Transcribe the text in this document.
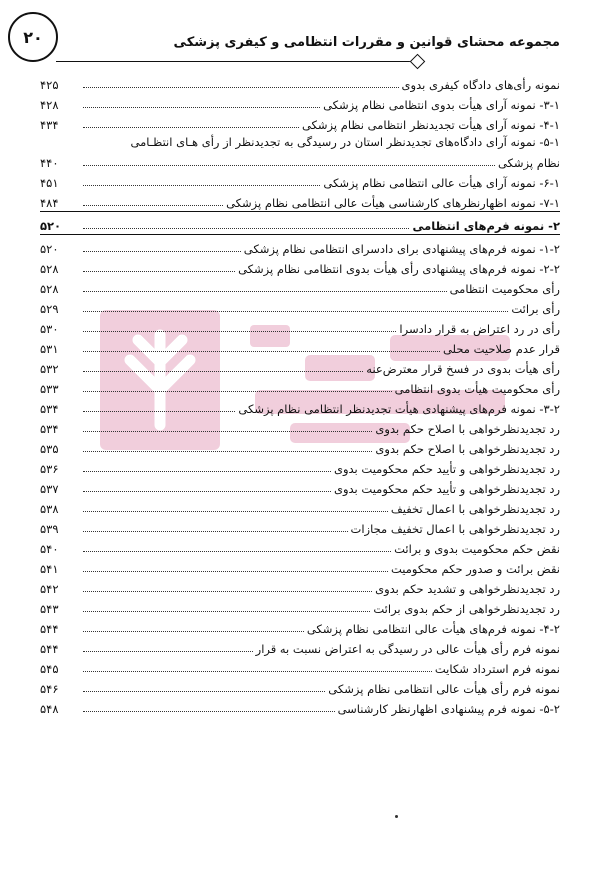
۲۰	مجموعه محشای قوانین و مقررات انتظامی و کیفری پزشکی
نمونه رأی‌های دادگاه کیفری بدوی
۴۲۵
۳-۱- نمونه آرای هیأت بدوی انتظامی نظام پزشکی
۴۲۸
۴-۱- نمونه آرای هیأت تجدیدنظر انتظامی نظام پزشکی
۴۳۴
۵-۱- نمونه آرای دادگاه‌های تجدیدنظر استان در رسیدگی به تجدیدنظر از رأی هـای انتظـامی
نظام پزشکی
۴۴۰
۶-۱- نمونه آرای هیأت عالی انتظامی نظام پزشکی
۴۵۱
۷-۱- نمونه اظهارنظرهای کارشناسی هیأت عالی انتظامی نظام پزشکی
۴۸۴
۲- نمونه فرم‌های انتظامی
۵۲۰
۱-۲- نمونه فرم‌های پیشنهادی برای دادسرای انتظامی نظام پزشکی
۵۲۰
۲-۲- نمونه فرم‌های پیشنهادی رأی هیأت بدوی انتظامی نظام پزشکی
۵۲۸
رأی محکومیت انتظامی
۵۲۸
رأی برائت
۵۲۹
رأی در رد اعتراض به قرار دادسرا
۵۳۰
قرار عدم صلاحیت محلی
۵۳۱
رأی هیأت بدوی در فسخ قرار معترض‌عنه
۵۳۲
رأی محکومیت هیأت بدوی انتظامی
۵۳۳
۳-۲- نمونه فرم‌های پیشنهادی هیأت تجدیدنظر انتظامی نظام پزشکی
۵۳۴
رد تجدیدنظرخواهی با اصلاح حکم بدوی
۵۳۴
رد تجدیدنظرخواهی با اصلاح حکم بدوی
۵۳۵
رد تجدیدنظرخواهی و تأیید حکم محکومیت بدوی
۵۳۶
رد تجدیدنظرخواهی و تأیید حکم محکومیت بدوی
۵۳۷
رد تجدیدنظرخواهی با اعمال تخفیف
۵۳۸
رد تجدیدنظرخواهی با اعمال تخفیف مجازات
۵۳۹
نقض حکم محکومیت بدوی و برائت
۵۴۰
نقض برائت و صدور حکم محکومیت
۵۴۱
رد تجدیدنظرخواهی و تشدید حکم بدوی
۵۴۲
رد تجدیدنظرخواهی از حکم بدوی برائت
۵۴۳
۴-۲- نمونه فرم‌های هیأت عالی انتظامی نظام پزشکی
۵۴۴
نمونه فرم رأی هیأت عالی در رسیدگی به اعتراض نسبت به قرار
۵۴۴
نمونه فرم استرداد شکایت
۵۴۵
نمونه فرم رأی هیأت عالی انتظامی نظام پزشکی
۵۴۶
۵-۲- نمونه فرم پیشنهادی اظهارنظر کارشناسی
۵۴۸
